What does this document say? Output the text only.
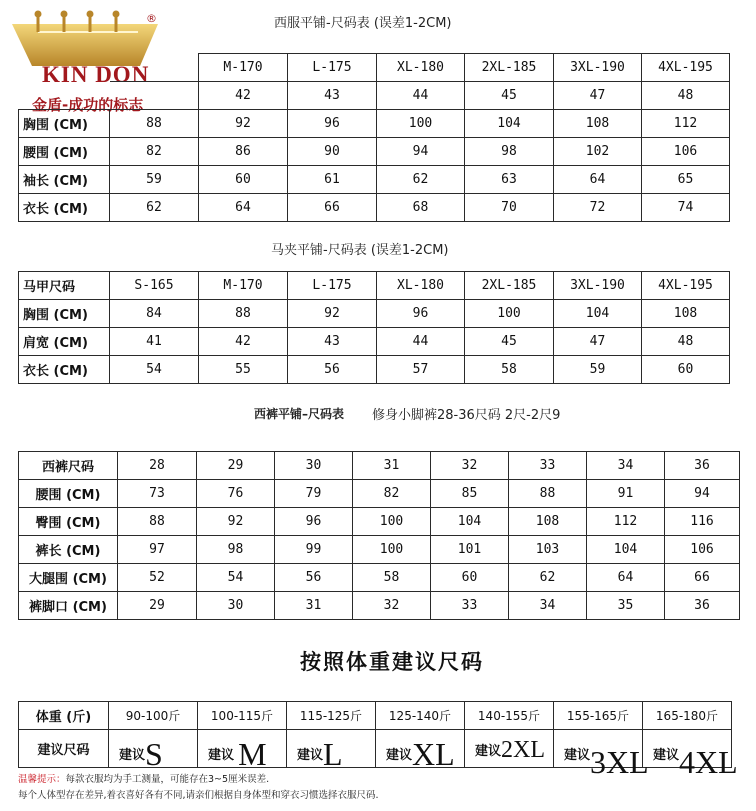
®
KIN DON
金盾-成功的标志
西服平铺-尺码表 (误差1-2CM)
		M-170	L-175	XL-180	2XL-185	3XL-190	4XL-195
		42	43	44	45	47	48
胸围 (CM)	88	92	96	100	104	108	112
腰围 (CM)	82	86	90	94	98	102	106
袖长 (CM)	59	60	61	62	63	64	65
衣长 (CM)	62	64	66	68	70	72	74
马夹平铺-尺码表 (误差1-2CM)
马甲尺码	S-165	M-170	L-175	XL-180	2XL-185	3XL-190	4XL-195
胸围 (CM)	84	88	92	96	100	104	108
肩宽 (CM)	41	42	43	44	45	47	48
衣长 (CM)	54	55	56	57	58	59	60
西裤平铺–尺码表 修身小脚裤28-36尺码 2尺-2尺9
西裤尺码	28	29	30	31	32	33	34	36
腰围 (CM)	73	76	79	82	85	88	91	94
臀围 (CM)	88	92	96	100	104	108	112	116
裤长 (CM)	97	98	99	100	101	103	104	106
大腿围 (CM)	52	54	56	58	60	62	64	66
裤脚口 (CM)	29	30	31	32	33	34	35	36
按照体重建议尺码
体重 (斤)	90-100斤	100-115斤	115-125斤	125-140斤	140-155斤	155-165斤	165-180斤
建议尺码	建议S	建议 M	建议L	建议XL	建议2XL	建议3XL	建议4XL
温馨提示：每款衣服均为手工测量，可能存在3~5厘米误差.
每个人体型存在差异,着衣喜好各有不同,请亲们根据自身体型和穿衣习惯选择衣服尺码.
